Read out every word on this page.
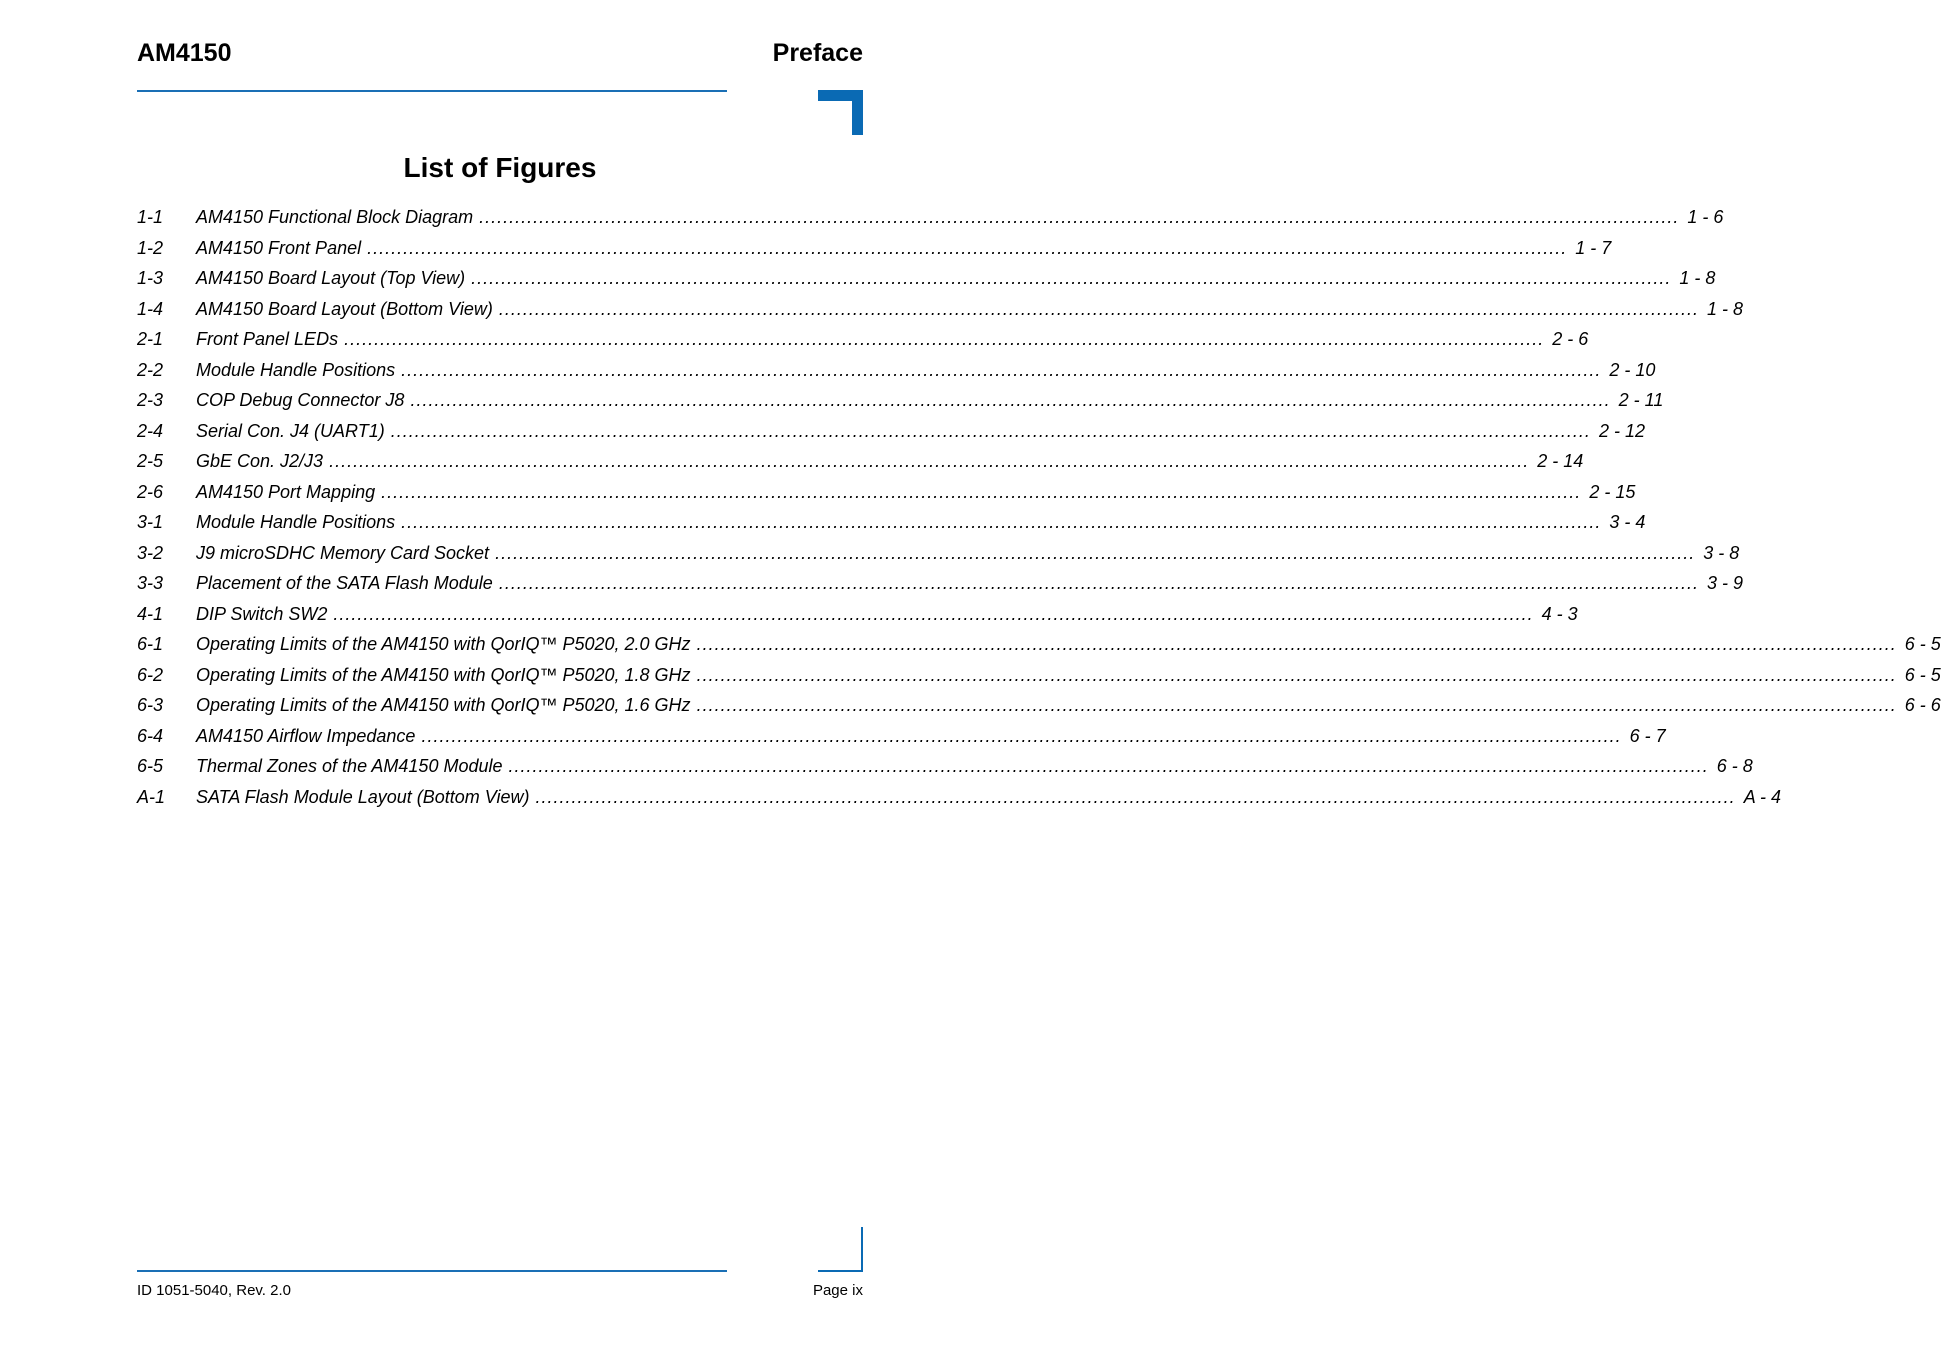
AM4150	Preface
List of Figures
1-1 AM4150 Functional Block Diagram ........................................................................................................................................................................................................ 1 - 6
1-2 AM4150 Front Panel ........................................................................................................................................................................................................ 1 - 7
1-3 AM4150 Board Layout (Top View) ........................................................................................................................................................................................................ 1 - 8
1-4 AM4150 Board Layout (Bottom View) ........................................................................................................................................................................................................ 1 - 8
2-1 Front Panel LEDs ........................................................................................................................................................................................................ 2 - 6
2-2 Module Handle Positions ........................................................................................................................................................................................................ 2 - 10
2-3 COP Debug Connector J8 ........................................................................................................................................................................................................ 2 - 11
2-4 Serial Con. J4 (UART1) ........................................................................................................................................................................................................ 2 - 12
2-5 GbE Con. J2/J3 ........................................................................................................................................................................................................ 2 - 14
2-6 AM4150 Port Mapping ........................................................................................................................................................................................................ 2 - 15
3-1 Module Handle Positions ........................................................................................................................................................................................................ 3 - 4
3-2 J9 microSDHC Memory Card Socket ........................................................................................................................................................................................................ 3 - 8
3-3 Placement of the SATA Flash Module ........................................................................................................................................................................................................ 3 - 9
4-1 DIP Switch SW2 ........................................................................................................................................................................................................ 4 - 3
6-1 Operating Limits of the AM4150 with QorIQ™ P5020, 2.0 GHz ........................................................................................................................................................................................................ 6 - 5
6-2 Operating Limits of the AM4150 with QorIQ™ P5020, 1.8 GHz ........................................................................................................................................................................................................ 6 - 5
6-3 Operating Limits of the AM4150 with QorIQ™ P5020, 1.6 GHz ........................................................................................................................................................................................................ 6 - 6
6-4 AM4150 Airflow Impedance ........................................................................................................................................................................................................ 6 - 7
6-5 Thermal Zones of the AM4150 Module ........................................................................................................................................................................................................ 6 - 8
A-1 SATA Flash Module Layout (Bottom View) ........................................................................................................................................................................................................ A - 4
ID 1051-5040, Rev. 2.0	Page ix
